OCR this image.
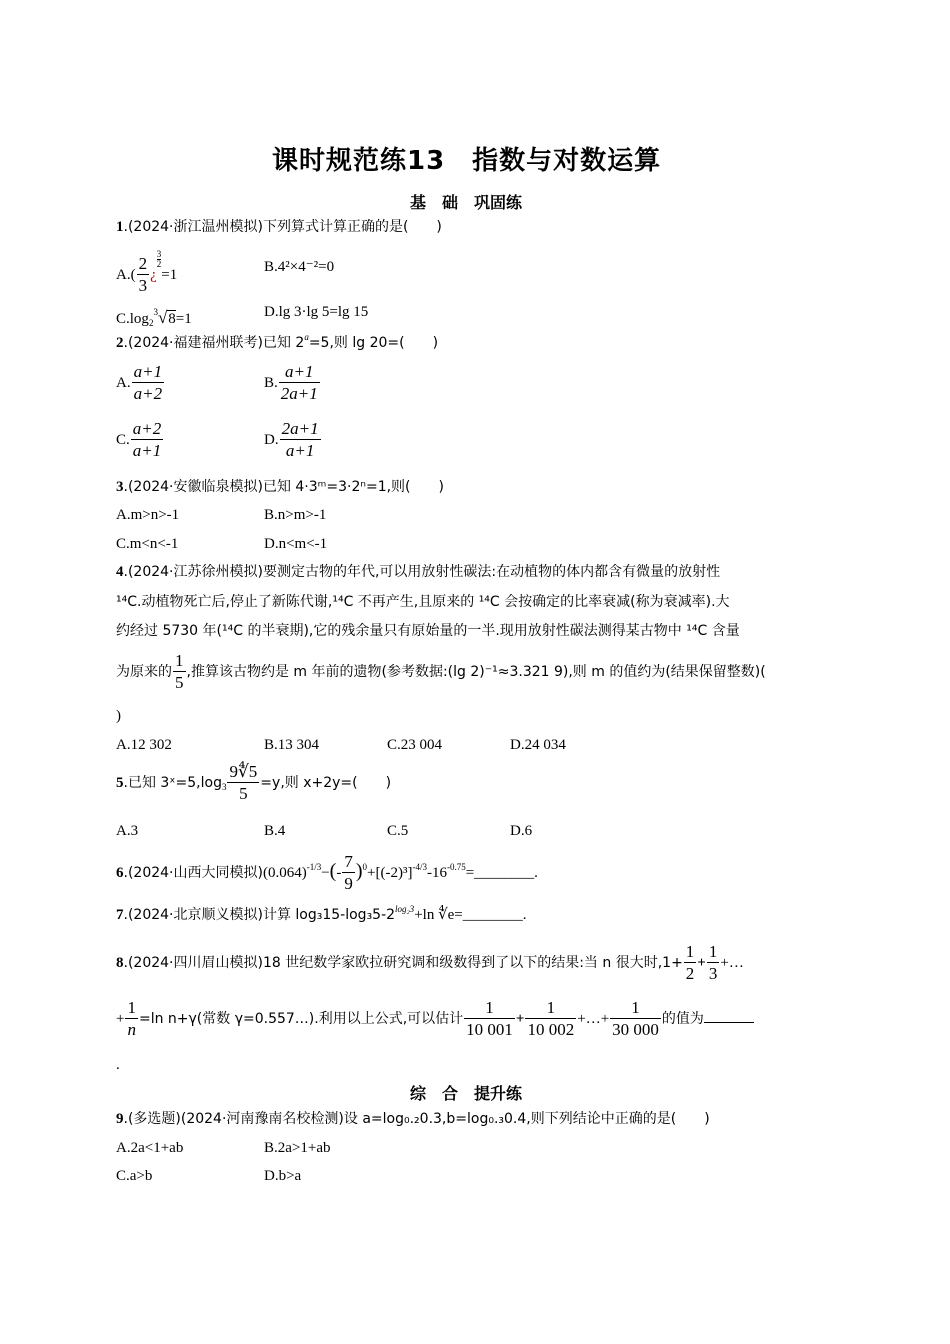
课时规范练13　指数与对数运算
基　础　巩固练
1.(2024·浙江温州模拟)下列算式计算正确的是(　　)
$A.( \frac{2}{3}$ ¿
$\frac{3}{2}$
=1	B.4²×4⁻²=0
$C.\log_2^3√8=1$	D.lg 3·lg 5=lg 15
2.(2024·福建福州联考)已知 $2^a=5$,则 lg 20=(　　)
A. $\frac{a+1}{a+2}$	B. $\frac{a+1}{2a+1}$
C. $\frac{a+2}{a+1}$	D. $\frac{2a+1}{a+1}$
3.(2024·安徽临泉模拟)已知 4·3ᵐ=3·2ⁿ=1,则(　　)
A.m>n>-1	B.n>m>-1
C.m<n<-1	D.n<m<-1
4.(2024·江苏徐州模拟)要测定古物的年代,可以用放射性碳法:在动植物的体内都含有微量的放射性
¹⁴C.动植物死亡后,停止了新陈代谢,¹⁴C 不再产生,且原来的 ¹⁴C 会按确定的比率衰减(称为衰减率).大
约经过 5730 年(¹⁴C 的半衰期),它的残余量只有原始量的一半.现用放射性碳法测得某古物中 ¹⁴C 含量
为原来的 $\frac{1}{5}$ ,推算该古物约是 m 年前的遗物(参考数据:(lg 2)⁻¹≈3.321 9),则 m 的值约为(结果保留整数)(
)
A.12 302	B.13 304	C.23 004	D.24 034
5.已知 $3ˣ=5,\log_3 \frac{9∜5}{5} =y$,则 x+2y=(　　)
A.3	B.4	C.5	D.6
6.(2024·山西大同模拟)$(0.064)^{-1/3}-(- \frac{7}{9}$ )$^0+[(-2)^3]^{-4/3}-16^{-0.75}=\_\_\_\_\_\_\_\_$.
7.(2024·北京顺义模拟)计算 $\log_315-\log_35-2^{log_23}+\ln$ ∜e=________.
8.(2024·四川眉山模拟)18 世纪数学家欧拉研究调和级数得到了以下的结果:当 n 很大时$,1+ \frac{1}{2} + \frac{1}{3}$ +…
+ $\frac{1}{n} =\ln$ n+γ(常数 γ=0.557…).利用以上公式,可以估计 $\frac{1}{10 001} + \frac{1}{10 002}$ +…+ $\frac{1}{30 000}$ 的值为
.
综　合　提升练
9.(多选题)(2024·河南豫南名校检测)设 a=log₀.₂0.3,b=log₀.₃0.4,则下列结论中正确的是(　　)
A.2a<1+ab	B.2a>1+ab
C.a>b	D.b>a
